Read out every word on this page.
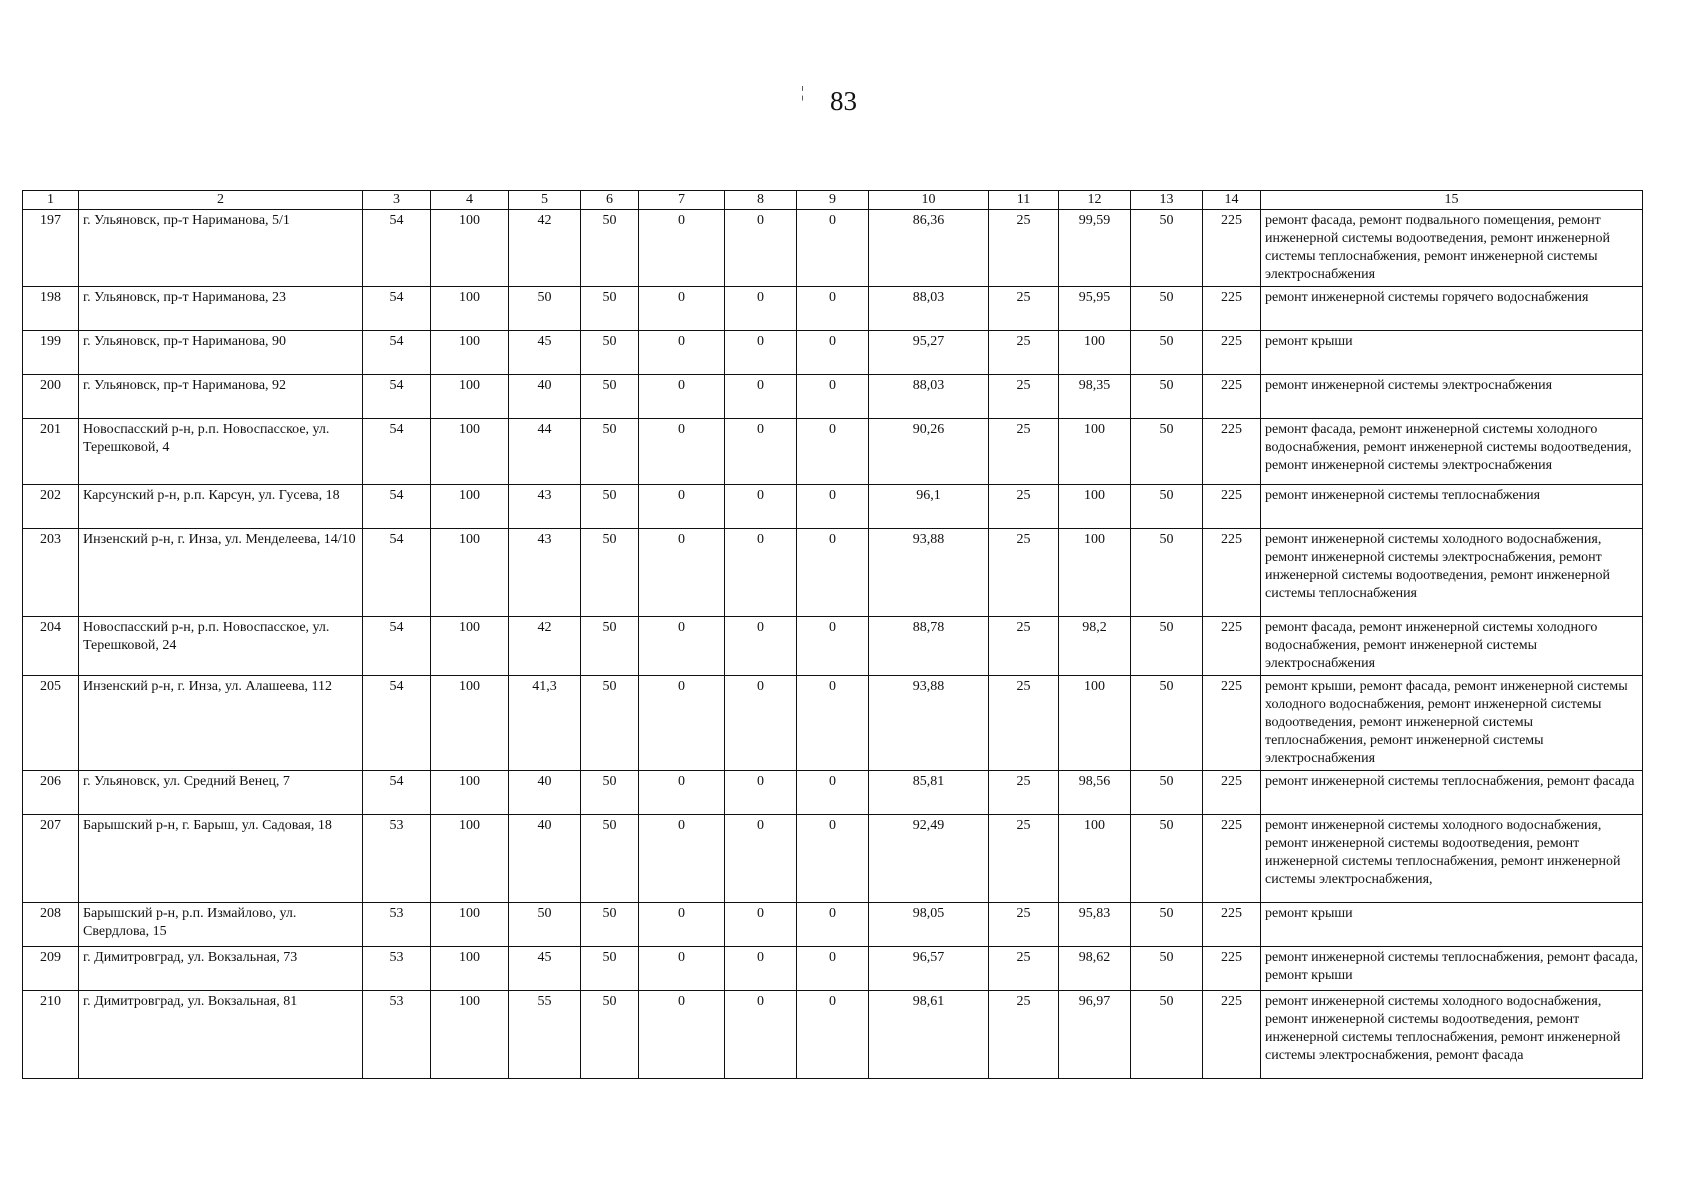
¦ 83
1	2	3	4	5	6	7	8	9	10	11	12	13	14	15
197	г. Ульяновск, пр-т Нариманова, 5/1	54	100	42	50	0	0	0	86,36	25	99,59	50	225	ремонт фасада, ремонт подвального помещения, ремонт инженерной системы водоотведения, ремонт инженерной системы теплоснабжения, ремонт инженерной системы электроснабжения
198	г. Ульяновск, пр-т Нариманова, 23	54	100	50	50	0	0	0	88,03	25	95,95	50	225	ремонт инженерной системы горячего водоснабжения
199	г. Ульяновск, пр-т Нариманова, 90	54	100	45	50	0	0	0	95,27	25	100	50	225	ремонт крыши
200	г. Ульяновск, пр-т Нариманова, 92	54	100	40	50	0	0	0	88,03	25	98,35	50	225	ремонт инженерной системы электроснабжения
201	Новоспасский р-н, р.п. Новоспасское, ул. Терешковой, 4	54	100	44	50	0	0	0	90,26	25	100	50	225	ремонт фасада, ремонт инженерной системы холодного водоснабжения, ремонт инженерной системы водоотведения, ремонт инженерной системы электроснабжения
202	Карсунский р-н, р.п. Карсун, ул. Гусева, 18	54	100	43	50	0	0	0	96,1	25	100	50	225	ремонт инженерной системы теплоснабжения
203	Инзенский р-н, г. Инза, ул. Менделеева, 14/10	54	100	43	50	0	0	0	93,88	25	100	50	225	ремонт инженерной системы холодного водоснабжения, ремонт инженерной системы электроснабжения, ремонт инженерной системы водоотведения, ремонт инженерной системы теплоснабжения
204	Новоспасский р-н, р.п. Новоспасское, ул. Терешковой, 24	54	100	42	50	0	0	0	88,78	25	98,2	50	225	ремонт фасада, ремонт инженерной системы холодного водоснабжения, ремонт инженерной системы электроснабжения
205	Инзенский р-н, г. Инза, ул. Алашеева, 112	54	100	41,3	50	0	0	0	93,88	25	100	50	225	ремонт крыши, ремонт фасада, ремонт инженерной системы холодного водоснабжения, ремонт инженерной системы водоотведения, ремонт инженерной системы теплоснабжения, ремонт инженерной системы электроснабжения
206	г. Ульяновск, ул. Средний Венец, 7	54	100	40	50	0	0	0	85,81	25	98,56	50	225	ремонт инженерной системы теплоснабжения, ремонт фасада
207	Барышский р-н, г. Барыш, ул. Садовая, 18	53	100	40	50	0	0	0	92,49	25	100	50	225	ремонт инженерной системы холодного водоснабжения, ремонт инженерной системы водоотведения, ремонт инженерной системы теплоснабжения, ремонт инженерной системы электроснабжения,
208	Барышский р-н, р.п. Измайлово, ул. Свердлова, 15	53	100	50	50	0	0	0	98,05	25	95,83	50	225	ремонт крыши
209	г. Димитровград, ул. Вокзальная, 73	53	100	45	50	0	0	0	96,57	25	98,62	50	225	ремонт инженерной системы теплоснабжения, ремонт фасада, ремонт крыши
210	г. Димитровград, ул. Вокзальная, 81	53	100	55	50	0	0	0	98,61	25	96,97	50	225	ремонт инженерной системы холодного водоснабжения, ремонт инженерной системы водоотведения, ремонт инженерной системы теплоснабжения, ремонт инженерной системы электроснабжения, ремонт фасада
